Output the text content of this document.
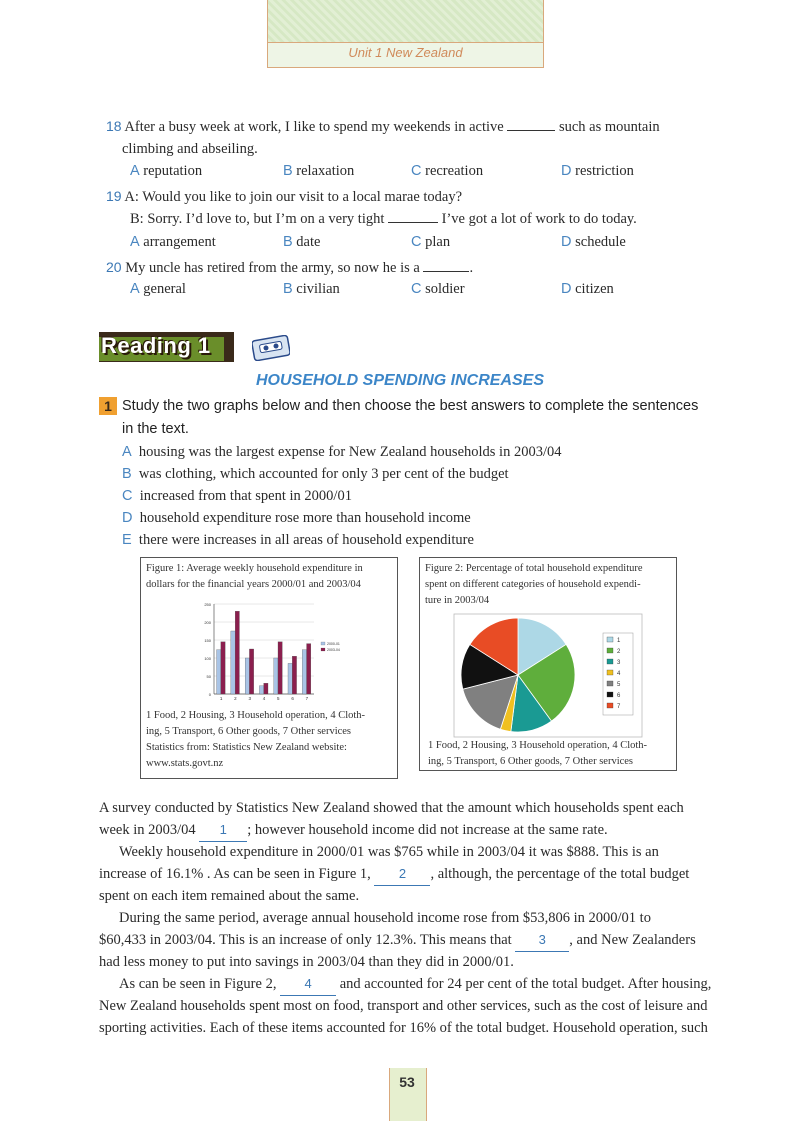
Unit 1 New Zealand
18 After a busy week at work, I like to spend my weekends in active	such as mountain
climbing and abseiling.
A reputation	B relaxation	C recreation	D restriction
19 A: Would you like to join our visit to a local marae today?
B: Sorry. I’d love to, but I’m on a very tight	I’ve got a lot of work to do today.
A arrangement	B date	C plan	D schedule
20 My uncle has retired from the army, so now he is a	.
A general	B civilian	C soldier	D citizen
Reading 1
HOUSEHOLD SPENDING INCREASES
1 Study the two graphs below and then choose the best answers to complete the sentences
in the text.
A housing was the largest expense for New Zealand households in 2003/04
B was clothing, which accounted for only 3 per cent of the budget
C increased from that spent in 2000/01
D household expenditure rose more than household income
E there were increases in all areas of household expenditure
Figure 1: Average weekly household expenditure in
dollars for the financial years 2000/01 and 2003/04
0
50
100
150
200
250
1	2	3	4	5	6	7
2000-01
2003-04
1 Food, 2 Housing, 3 Household operation, 4 Cloth-
ing, 5 Transport, 6 Other goods, 7 Other services
Statistics from: Statistics New Zealand website:
www.stats.govt.nz
Figure 2: Percentage of total household expenditure
spent on different categories of household expendi-
ture in 2003/04
1
2
3
4
5
6
7
1 Food, 2 Housing, 3 Household operation, 4 Cloth-
ing, 5 Transport, 6 Other goods, 7 Other services
A survey conducted by Statistics New Zealand showed that the amount which households spent each
week in 2003/04 1 ; however household income did not increase at the same rate.
Weekly household expenditure in 2000/01 was $765 while in 2003/04 it was $888. This is an
increase of 16.1% . As can be seen in Figure 1, 2 , although, the percentage of the total budget
spent on each item remained about the same.
During the same period, average annual household income rose from $53,806 in 2000/01 to
$60,433 in 2003/04. This is an increase of only 12.3%. This means that 3 , and New Zealanders
had less money to put into savings in 2003/04 than they did in 2000/01.
As can be seen in Figure 2, 4 and accounted for 24 per cent of the total budget. After housing,
New Zealand households spent most on food, transport and other services, such as the cost of leisure and
sporting activities. Each of these items accounted for 16% of the total budget. Household operation, such
53
